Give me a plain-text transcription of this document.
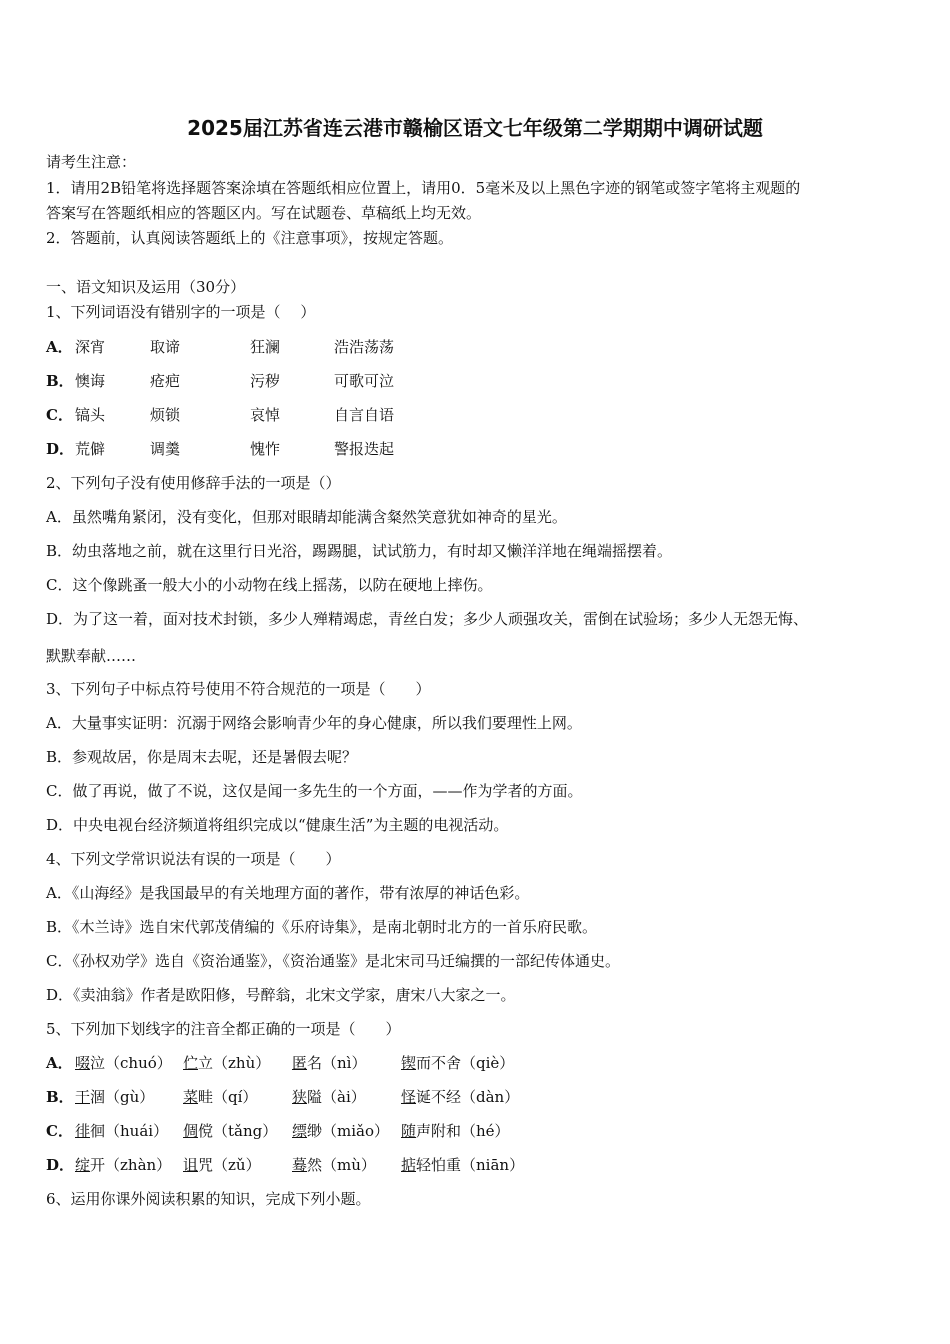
2025届江苏省连云港市赣榆区语文七年级第二学期期中调研试题
请考生注意：
1．请用2B铅笔将选择题答案涂填在答题纸相应位置上，请用0．5毫米及以上黑色字迹的钢笔或签字笔将主观题的
答案写在答题纸相应的答题区内。写在试题卷、草稿纸上均无效。
2．答题前，认真阅读答题纸上的《注意事项》，按规定答题。
一、语文知识及运用（30分）
1、下列词语没有错别字的一项是（　 ）
A． 深宵	取谛	狂澜	浩浩荡荡
B． 懊诲	疮疤	污秽	可歌可泣
C． 镐头	烦锁	哀悼	自言自语
D． 荒僻	调羹	愧怍	警报迭起
2、下列句子没有使用修辞手法的一项是（）
A．虽然嘴角紧闭，没有变化，但那对眼睛却能满含粲然笑意犹如神奇的星光。
B．幼虫落地之前，就在这里行日光浴，踢踢腿，试试筋力，有时却又懒洋洋地在绳端摇摆着。
C．这个像跳蚤一般大小的小动物在线上摇荡，以防在硬地上摔伤。
D．为了这一着，面对技术封锁，多少人殚精竭虑，青丝白发；多少人顽强攻关，雷倒在试验场；多少人无怨无悔、
默默奉献……
3、下列句子中标点符号使用不符合规范的一项是（　　）
A．大量事实证明：沉溺于网络会影响青少年的身心健康，所以我们要理性上网。
B．参观故居，你是周末去呢，还是暑假去呢？
C．做了再说，做了不说，这仅是闻一多先生的一个方面，——作为学者的方面。
D．中央电视台经济频道将组织完成以“健康生活”为主题的电视活动。
4、下列文学常识说法有误的一项是（　　）
A．《山海经》是我国最早的有关地理方面的著作，带有浓厚的神话色彩。
B．《木兰诗》选自宋代郭茂倩编的《乐府诗集》，是南北朝时北方的一首乐府民歌。
C．《孙权劝学》选自《资治通鉴》，《资治通鉴》是北宋司马迁编撰的一部纪传体通史。
D．《卖油翁》作者是欧阳修，号醉翁，北宋文学家，唐宋八大家之一。
5、下列加下划线字的注音全都正确的一项是（　　）
A． 啜泣（chuó） 伫立（zhù） 匿名（nì） 锲而不舍（qiè）
B． 干涸（gù） 菜畦（qí） 狭隘（ài） 怪诞不经（dàn）
C． 徘徊（huái） 倜傥（tǎng） 缥缈（miǎo） 随声附和（hé）
D． 绽开（zhàn） 诅咒（zǔ） 蓦然（mù） 掂轻怕重（niān）
6、运用你课外阅读积累的知识，完成下列小题。
